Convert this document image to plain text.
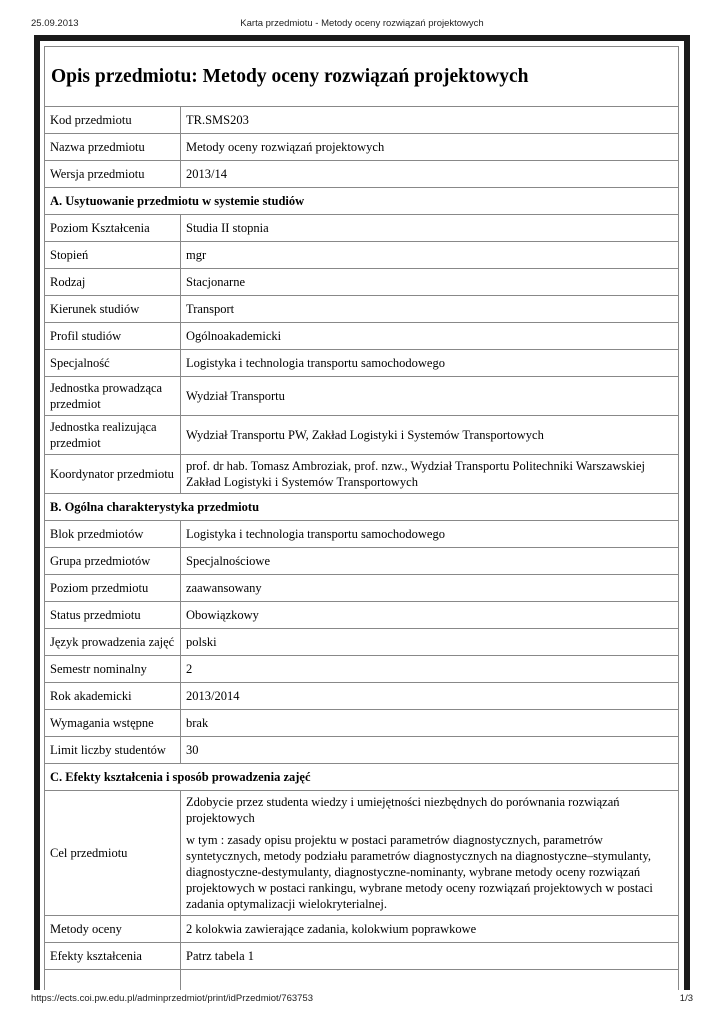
25.09.2013	Karta przedmiotu - Metody oceny rozwiązań projektowych
Opis przedmiotu: Metody oceny rozwiązań projektowych
Kod przedmiotu	TR.SMS203
Nazwa przedmiotu	Metody oceny rozwiązań projektowych
Wersja przedmiotu	2013/14
A. Usytuowanie przedmiotu w systemie studiów	
Poziom Kształcenia	Studia II stopnia
Stopień	mgr
Rodzaj	Stacjonarne
Kierunek studiów	Transport
Profil studiów	Ogólnoakademicki
Specjalność	Logistyka i technologia transportu samochodowego
Jednostka prowadząca przedmiot	Wydział Transportu
Jednostka realizująca przedmiot	Wydział Transportu PW, Zakład Logistyki i Systemów Transportowych
Koordynator przedmiotu	prof. dr hab. Tomasz Ambroziak, prof. nzw., Wydział Transportu Politechniki Warszawskiej Zakład Logistyki i Systemów Transportowych
B. Ogólna charakterystyka przedmiotu	
Blok przedmiotów	Logistyka i technologia transportu samochodowego
Grupa przedmiotów	Specjalnościowe
Poziom przedmiotu	zaawansowany
Status przedmiotu	Obowiązkowy
Język prowadzenia zajęć	polski
Semestr nominalny	2
Rok akademicki	2013/2014
Wymagania wstępne	brak
Limit liczby studentów	30
C. Efekty kształcenia i sposób prowadzenia zajęć	
Cel przedmiotu	Zdobycie przez studenta wiedzy i umiejętności niezbędnych do porównania rozwiązań projektowych

w tym : zasady opisu projektu w postaci parametrów diagnostycznych, parametrów syntetycznych, metody podziału parametrów diagnostycznych na diagnostyczne–stymulanty, diagnostyczne-destymulanty, diagnostyczne-nominanty, wybrane metody oceny rozwiązań projektowych w postaci rankingu, wybrane metody oceny rozwiązań projektowych w postaci zadania optymalizacji wielokryterialnej.

Metody oceny	2 kolokwia zawierające zadania, kolokwium poprawkowe
Efekty kształcenia	Patrz tabela 1

https://ects.coi.pw.edu.pl/adminprzedmiot/print/idPrzedmiot/763753	1/3
